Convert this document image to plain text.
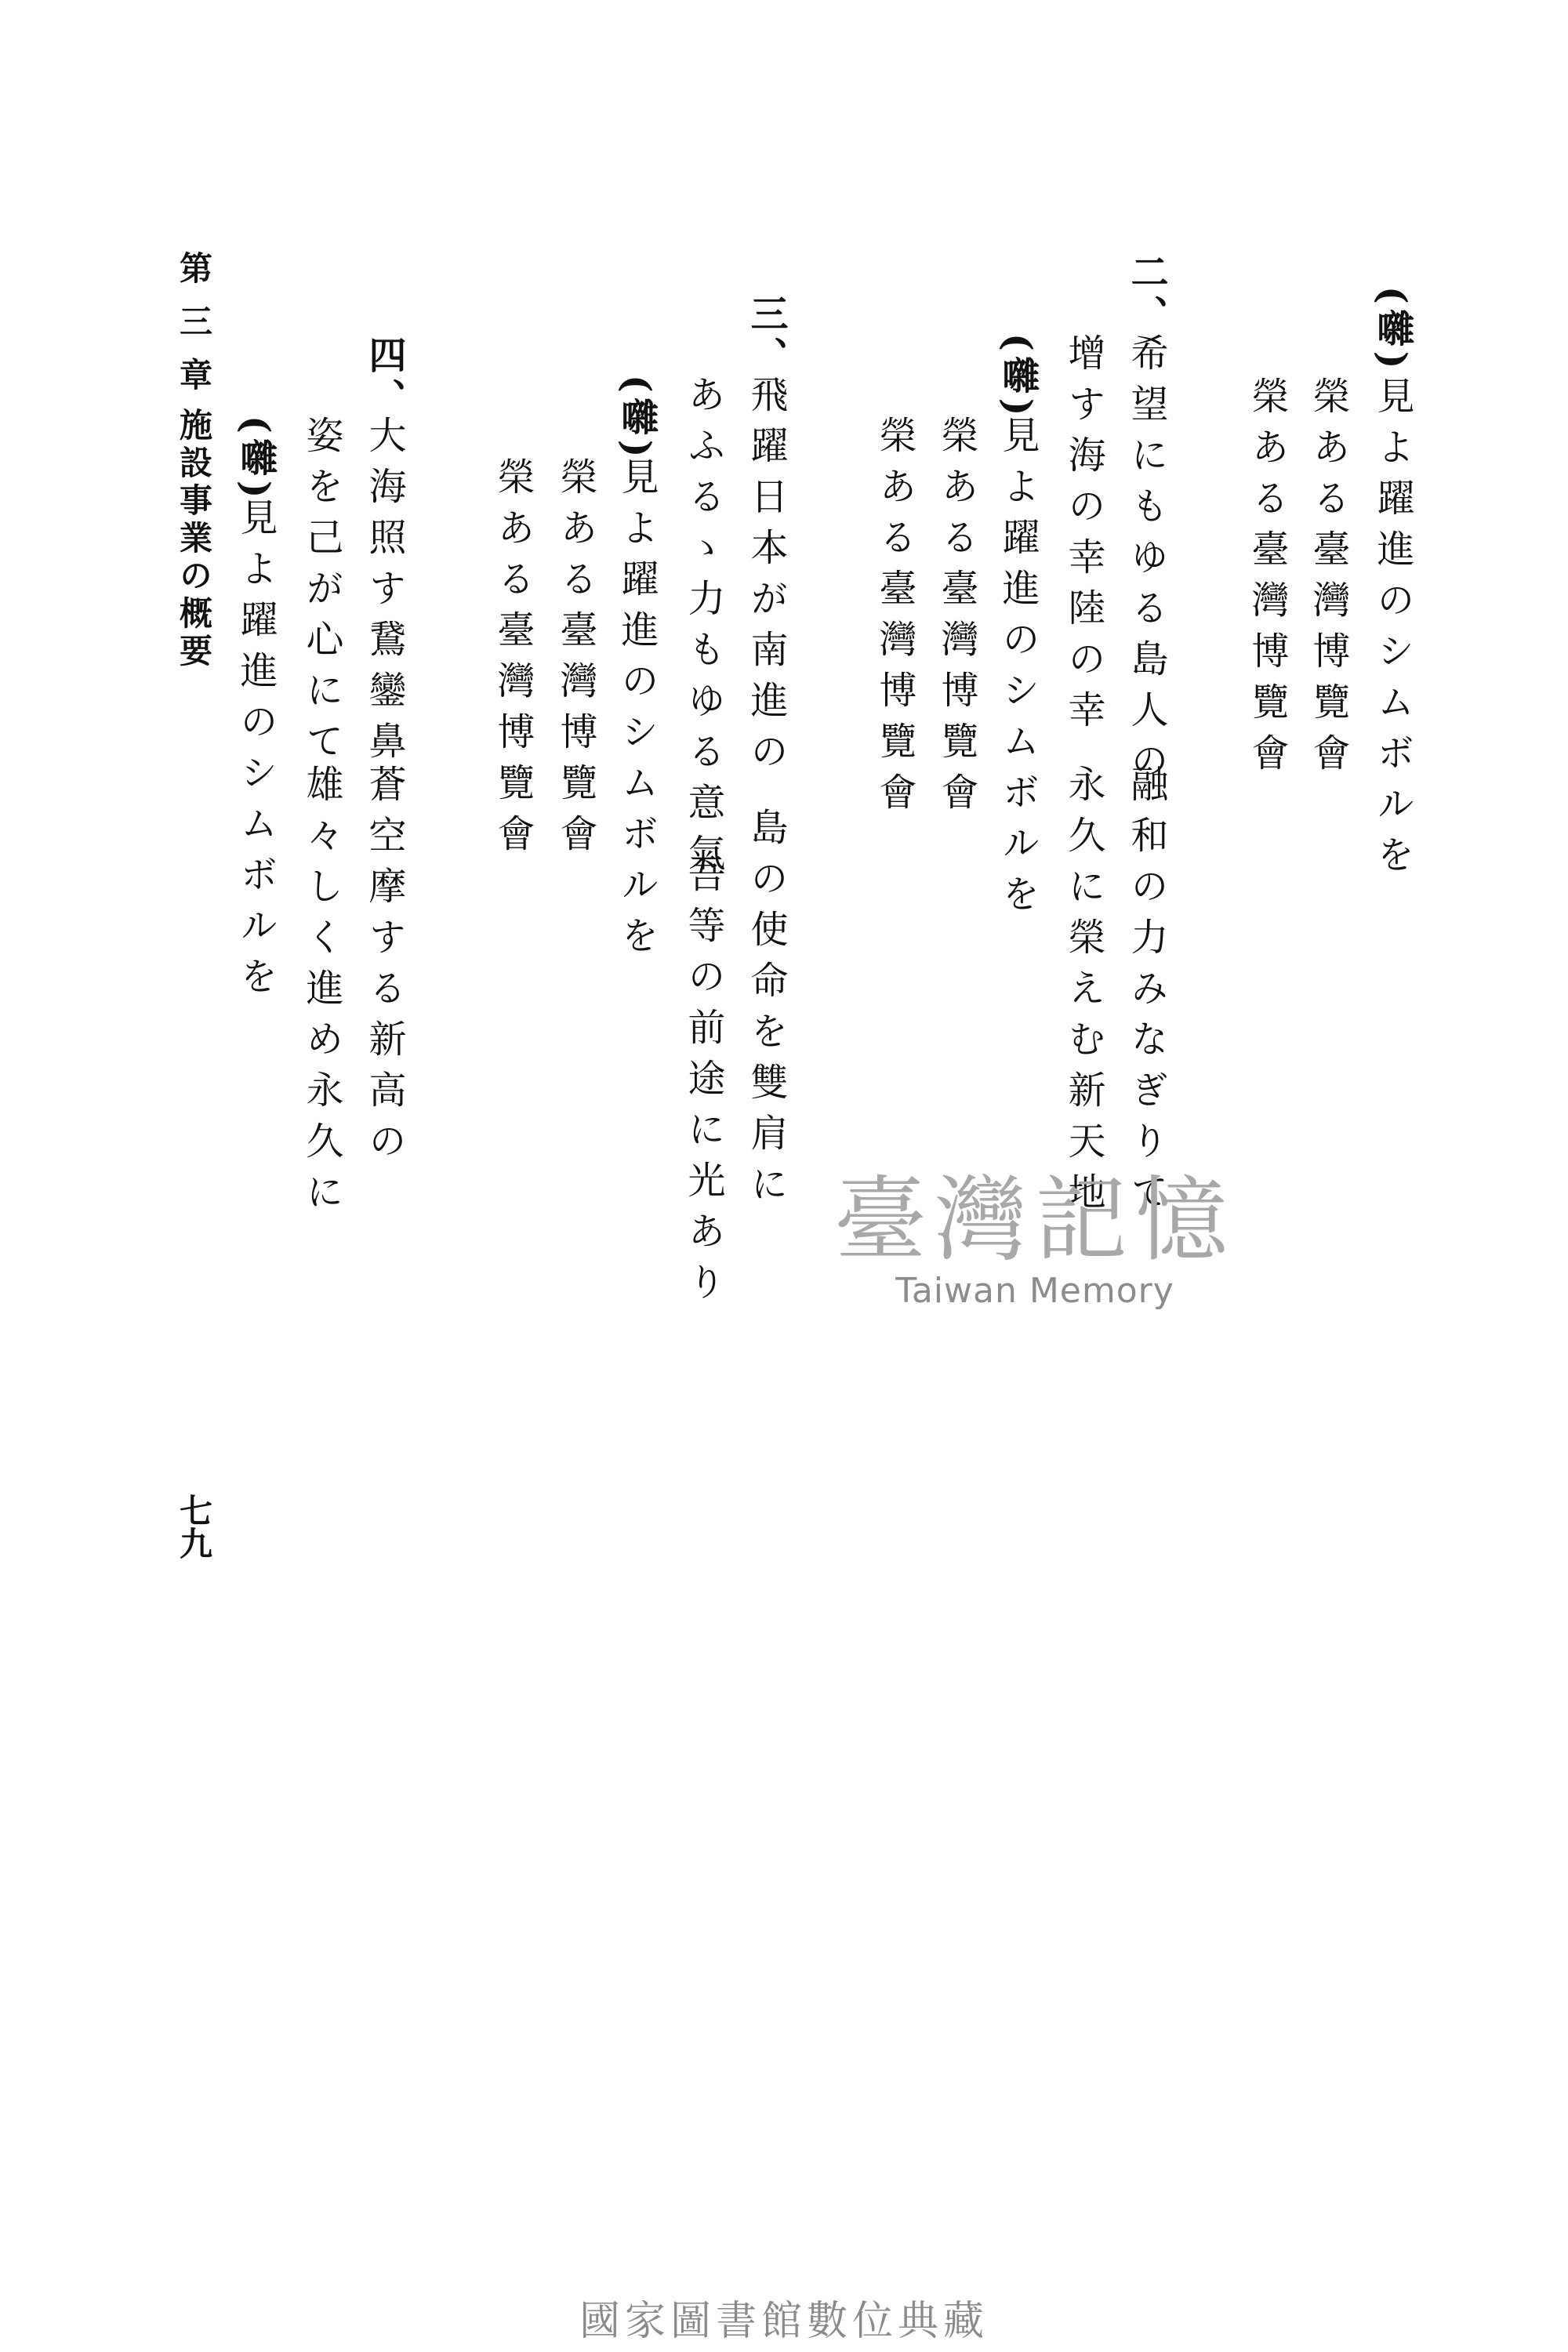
(囃)
見よ躍進のシムボルを
榮ある臺灣博覽會
榮ある臺灣博覽會
二、
希望にもゆる島人の
融和の力みなぎりて
增す海の幸陸の幸
永久に榮えむ新天地
(囃)
見よ躍進のシムボルを
榮ある臺灣博覽會
榮ある臺灣博覽會
三、
飛躍日本が南進の
島の使命を雙肩に
あふるゝ力もゆる意氣
吾等の前途に光あり
(囃)
見よ躍進のシムボルを
榮ある臺灣博覽會
榮ある臺灣博覽會
四、
大海照す鵞鑾鼻
蒼空摩する新高の
姿を己が心にて
雄々しく進め永久に
(囃)
見よ躍進のシムボルを
第三章
施設事業の概要
七九
臺灣記憶
Taiwan Memory
國家圖書館數位典藏
